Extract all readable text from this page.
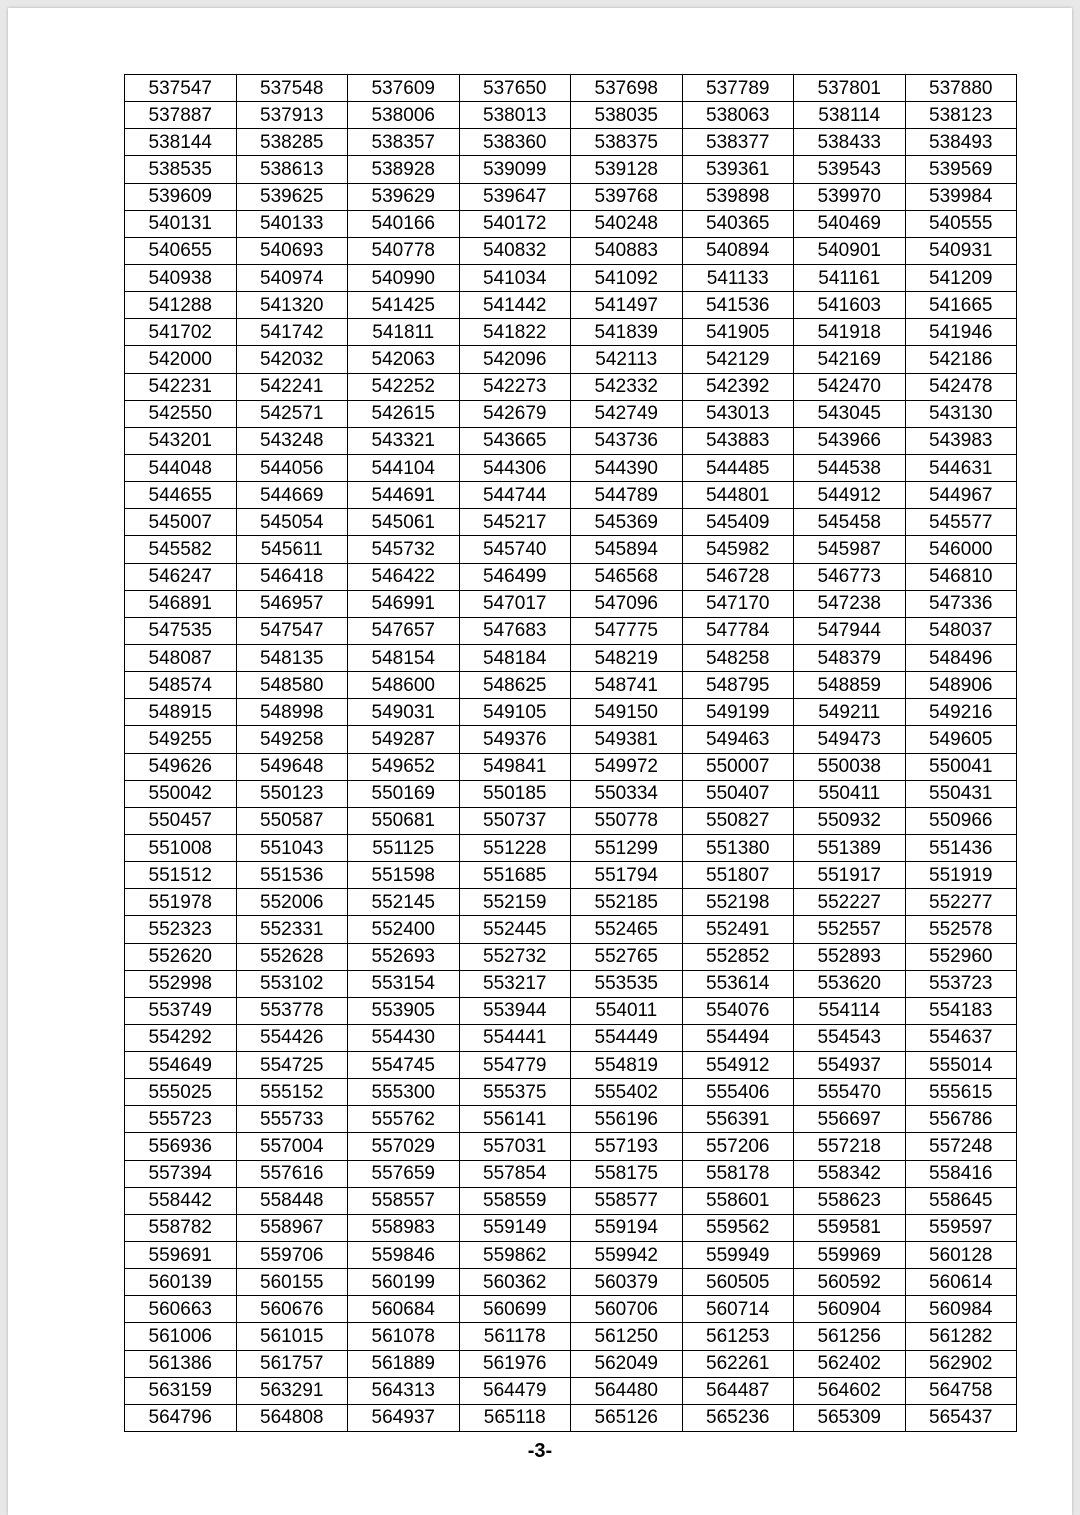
537547	537548	537609	537650	537698	537789	537801	537880
537887	537913	538006	538013	538035	538063	538114	538123
538144	538285	538357	538360	538375	538377	538433	538493
538535	538613	538928	539099	539128	539361	539543	539569
539609	539625	539629	539647	539768	539898	539970	539984
540131	540133	540166	540172	540248	540365	540469	540555
540655	540693	540778	540832	540883	540894	540901	540931
540938	540974	540990	541034	541092	541133	541161	541209
541288	541320	541425	541442	541497	541536	541603	541665
541702	541742	541811	541822	541839	541905	541918	541946
542000	542032	542063	542096	542113	542129	542169	542186
542231	542241	542252	542273	542332	542392	542470	542478
542550	542571	542615	542679	542749	543013	543045	543130
543201	543248	543321	543665	543736	543883	543966	543983
544048	544056	544104	544306	544390	544485	544538	544631
544655	544669	544691	544744	544789	544801	544912	544967
545007	545054	545061	545217	545369	545409	545458	545577
545582	545611	545732	545740	545894	545982	545987	546000
546247	546418	546422	546499	546568	546728	546773	546810
546891	546957	546991	547017	547096	547170	547238	547336
547535	547547	547657	547683	547775	547784	547944	548037
548087	548135	548154	548184	548219	548258	548379	548496
548574	548580	548600	548625	548741	548795	548859	548906
548915	548998	549031	549105	549150	549199	549211	549216
549255	549258	549287	549376	549381	549463	549473	549605
549626	549648	549652	549841	549972	550007	550038	550041
550042	550123	550169	550185	550334	550407	550411	550431
550457	550587	550681	550737	550778	550827	550932	550966
551008	551043	551125	551228	551299	551380	551389	551436
551512	551536	551598	551685	551794	551807	551917	551919
551978	552006	552145	552159	552185	552198	552227	552277
552323	552331	552400	552445	552465	552491	552557	552578
552620	552628	552693	552732	552765	552852	552893	552960
552998	553102	553154	553217	553535	553614	553620	553723
553749	553778	553905	553944	554011	554076	554114	554183
554292	554426	554430	554441	554449	554494	554543	554637
554649	554725	554745	554779	554819	554912	554937	555014
555025	555152	555300	555375	555402	555406	555470	555615
555723	555733	555762	556141	556196	556391	556697	556786
556936	557004	557029	557031	557193	557206	557218	557248
557394	557616	557659	557854	558175	558178	558342	558416
558442	558448	558557	558559	558577	558601	558623	558645
558782	558967	558983	559149	559194	559562	559581	559597
559691	559706	559846	559862	559942	559949	559969	560128
560139	560155	560199	560362	560379	560505	560592	560614
560663	560676	560684	560699	560706	560714	560904	560984
561006	561015	561078	561178	561250	561253	561256	561282
561386	561757	561889	561976	562049	562261	562402	562902
563159	563291	564313	564479	564480	564487	564602	564758
564796	564808	564937	565118	565126	565236	565309	565437
-3-
